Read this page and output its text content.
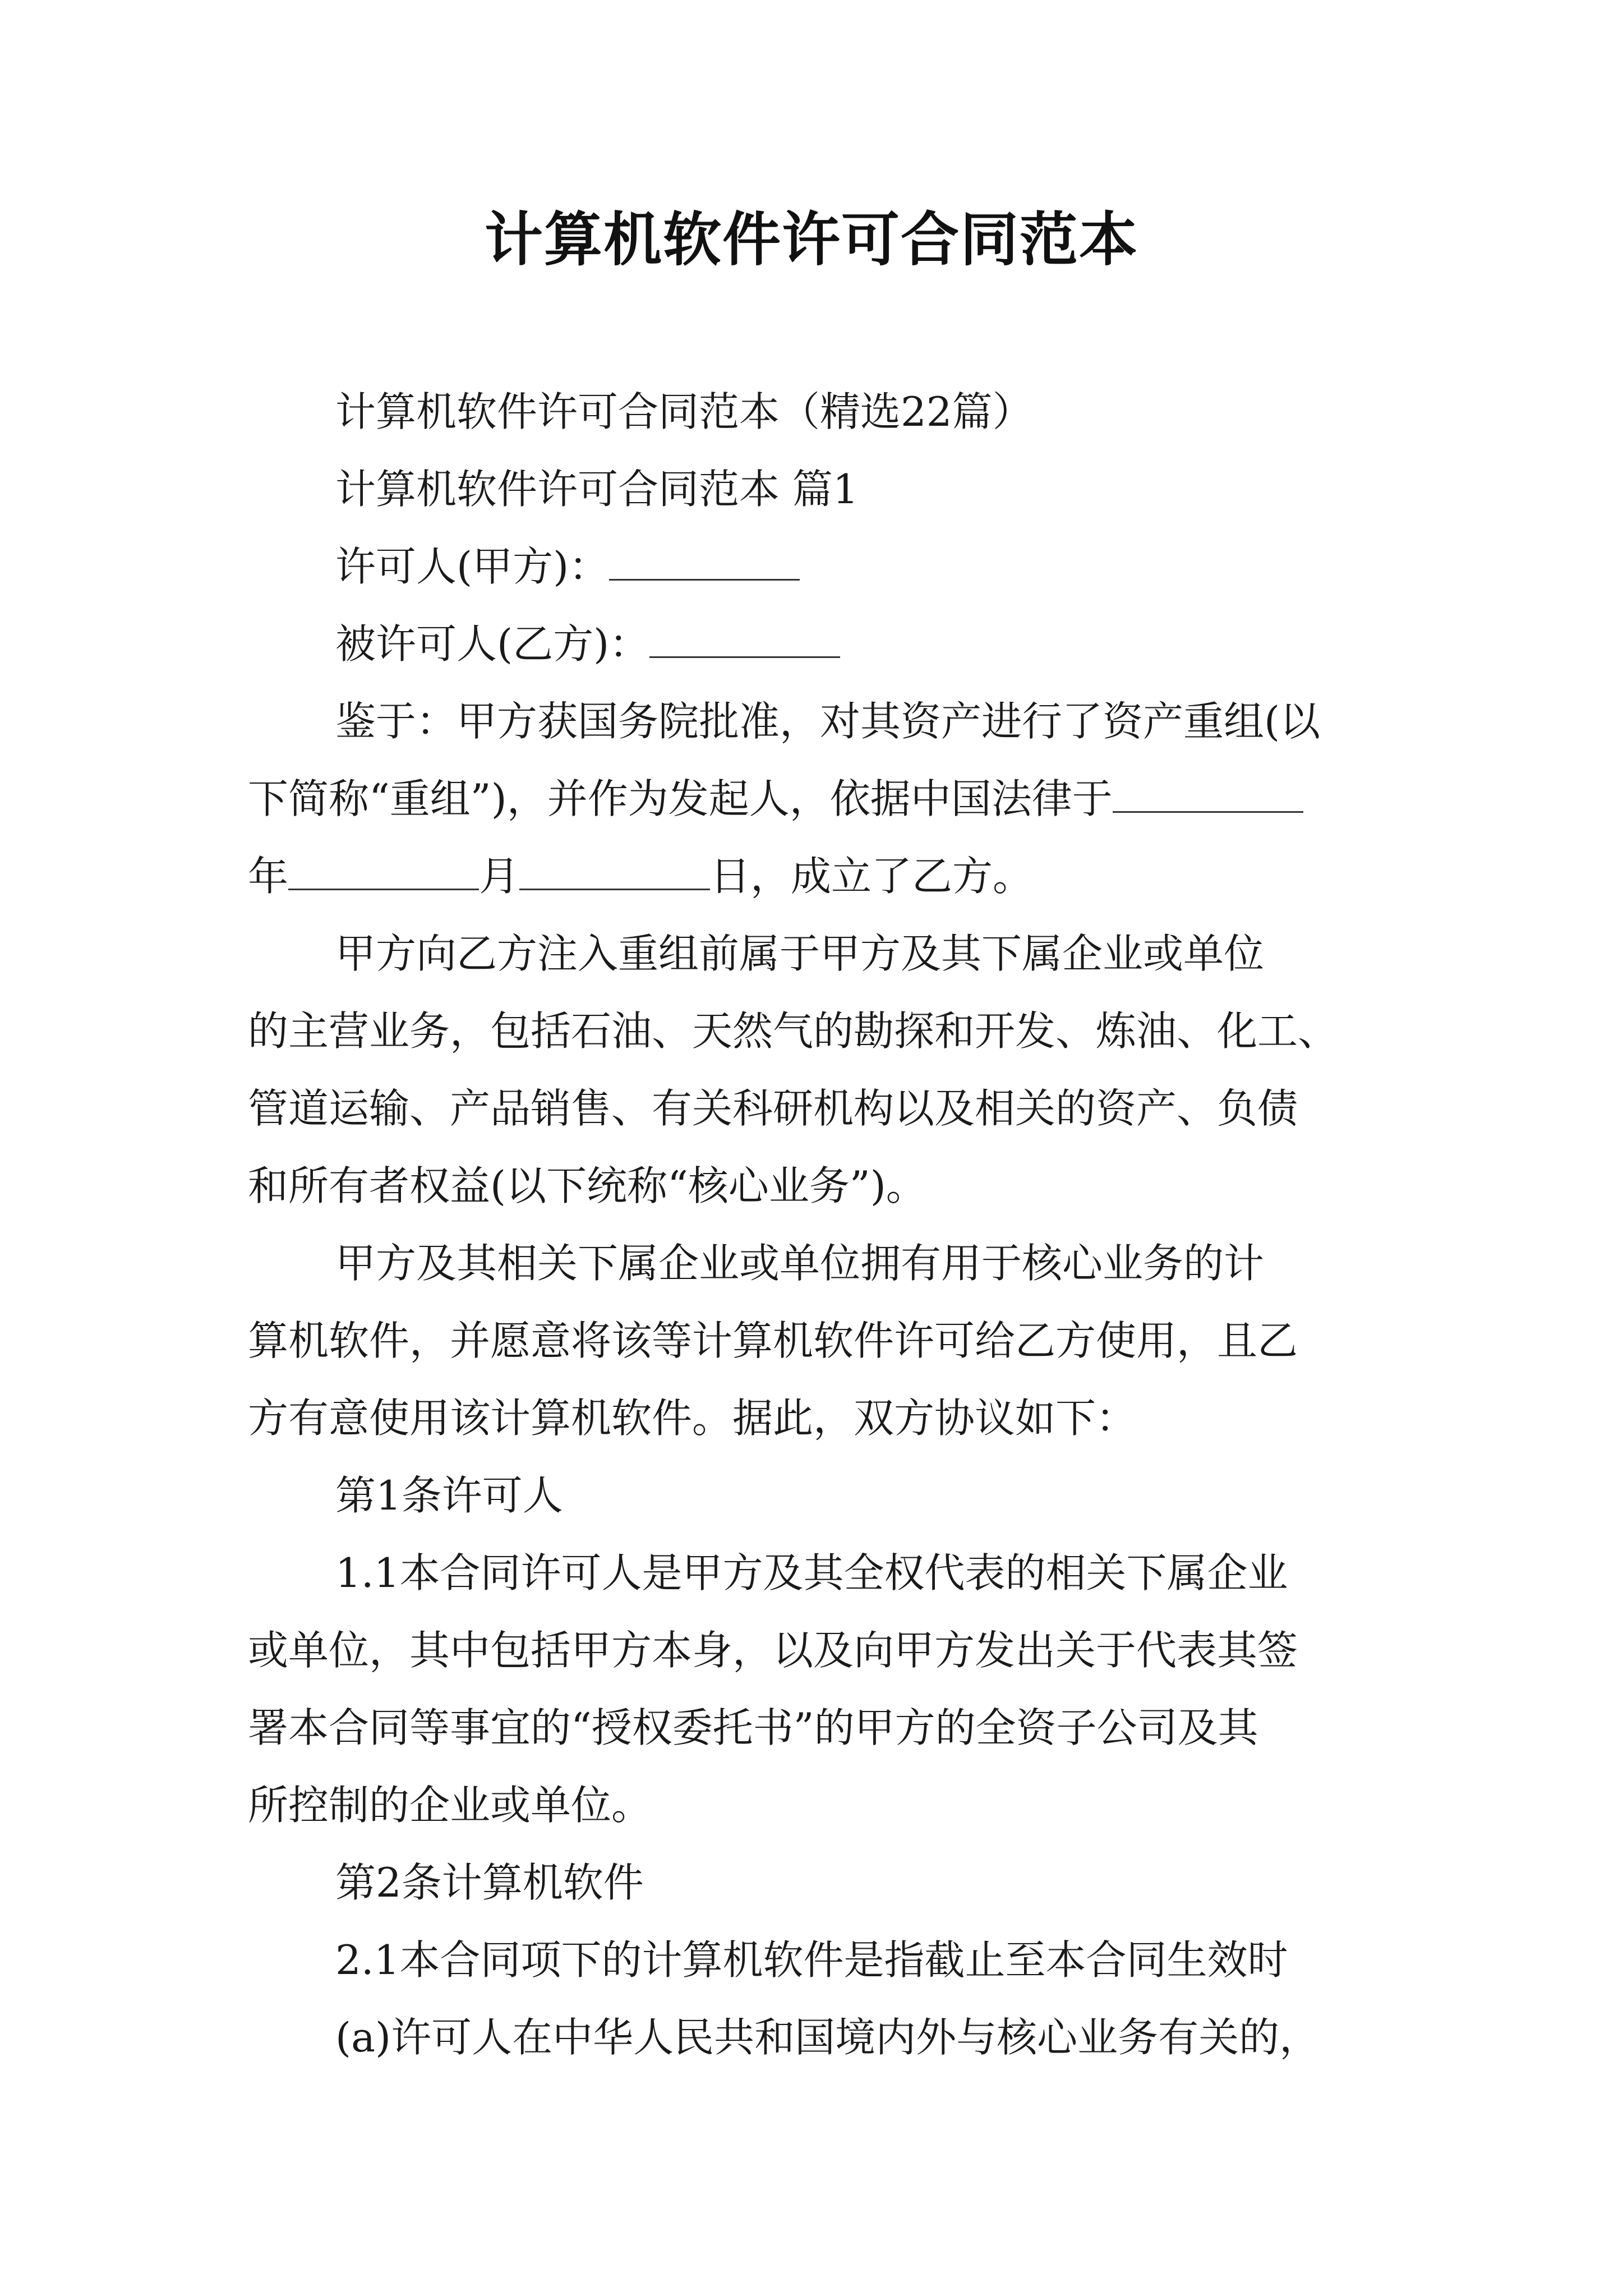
计算机软件许可合同范本
计算机软件许可合同范本（精选22篇）
计算机软件许可合同范本 篇1
许可人(甲方)：
被许可人(乙方)：
鉴于：甲方获国务院批准，对其资产进行了资产重组(以
下简称“重组”)，并作为发起人，依据中国法律于
年	月	日，成立了乙方。
甲方向乙方注入重组前属于甲方及其下属企业或单位
的主营业务，包括石油、天然气的勘探和开发、炼油、化工、
管道运输、产品销售、有关科研机构以及相关的资产、负债
和所有者权益(以下统称“核心业务”)。
甲方及其相关下属企业或单位拥有用于核心业务的计
算机软件，并愿意将该等计算机软件许可给乙方使用，且乙
方有意使用该计算机软件。据此，双方协议如下：
第1条许可人
1.1本合同许可人是甲方及其全权代表的相关下属企业
或单位，其中包括甲方本身，以及向甲方发出关于代表其签
署本合同等事宜的“授权委托书”的甲方的全资子公司及其
所控制的企业或单位。
第2条计算机软件
2.1本合同项下的计算机软件是指截止至本合同生效时
(a)许可人在中华人民共和国境内外与核心业务有关的，
